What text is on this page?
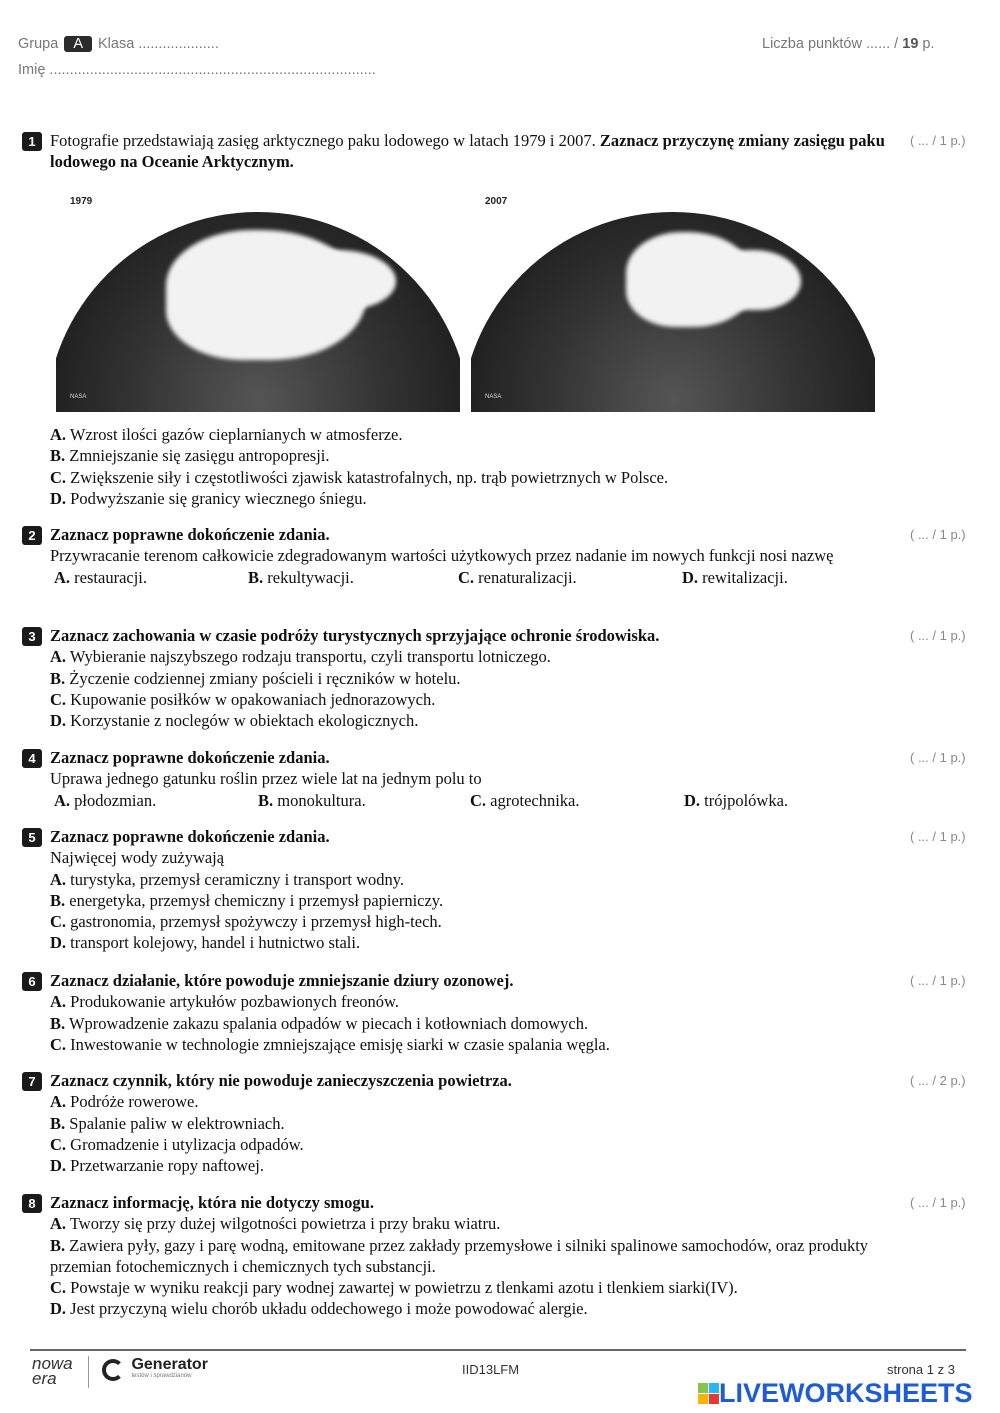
Grupa A Klasa ....................	Liczba punktów ...... / 19 p.
Imię .................................................................................
1	( ... / 1 p.)
Fotografie przedstawiają zasięg arktycznego paku lodowego w latach 1979 i 2007. Zaznacz przyczynę zmiany zasięgu paku lodowego na Oceanie Arktycznym.
1979
NASA
2007
NASA
A. Wzrost ilości gazów cieplarnianych w atmosferze.
B. Zmniejszanie się zasięgu antropopresji.
C. Zwiększenie siły i częstotliwości zjawisk katastrofalnych, np. trąb powietrznych w Polsce.
D. Podwyższanie się granicy wiecznego śniegu.
2	( ... / 1 p.)
Zaznacz poprawne dokończenie zdania.
Przywracanie terenom całkowicie zdegradowanym wartości użytkowych przez nadanie im nowych funkcji nosi nazwę
A. restauracji.	B. rekultywacji.	C. renaturalizacji.	D. rewitalizacji.
3	( ... / 1 p.)
Zaznacz zachowania w czasie podróży turystycznych sprzyjające ochronie środowiska.
A. Wybieranie najszybszego rodzaju transportu, czyli transportu lotniczego.
B. Życzenie codziennej zmiany pościeli i ręczników w hotelu.
C. Kupowanie posiłków w opakowaniach jednorazowych.
D. Korzystanie z noclegów w obiektach ekologicznych.
4	( ... / 1 p.)
Zaznacz poprawne dokończenie zdania.
Uprawa jednego gatunku roślin przez wiele lat na jednym polu to
A. płodozmian.	B. monokultura.	C. agrotechnika.	D. trójpolówka.
5	( ... / 1 p.)
Zaznacz poprawne dokończenie zdania.
Najwięcej wody zużywają
A. turystyka, przemysł ceramiczny i transport wodny.
B. energetyka, przemysł chemiczny i przemysł papierniczy.
C. gastronomia, przemysł spożywczy i przemysł high-tech.
D. transport kolejowy, handel i hutnictwo stali.
6	( ... / 1 p.)
Zaznacz działanie, które powoduje zmniejszanie dziury ozonowej.
A. Produkowanie artykułów pozbawionych freonów.
B. Wprowadzenie zakazu spalania odpadów w piecach i kotłowniach domowych.
C. Inwestowanie w technologie zmniejszające emisję siarki w czasie spalania węgla.
7	( ... / 2 p.)
Zaznacz czynnik, który nie powoduje zanieczyszczenia powietrza.
A. Podróże rowerowe.
B. Spalanie paliw w elektrowniach.
C. Gromadzenie i utylizacja odpadów.
D. Przetwarzanie ropy naftowej.
8	( ... / 1 p.)
Zaznacz informację, która nie dotyczy smogu.
A. Tworzy się przy dużej wilgotności powietrza i przy braku wiatru.
B. Zawiera pyły, gazy i parę wodną, emitowane przez zakłady przemysłowe i silniki spalinowe samochodów, oraz produkty przemian fotochemicznych i chemicznych tych substancji.
C. Powstaje w wyniku reakcji pary wodnej zawartej w powietrzu z tlenkami azotu i tlenkiem siarki(IV).
D. Jest przyczyną wielu chorób układu oddechowego i może powodować alergie.
nowa
era

Generator
testów i sprawdzianów	IID13LFM	strona 1 z 3
LIVEWORKSHEETS
